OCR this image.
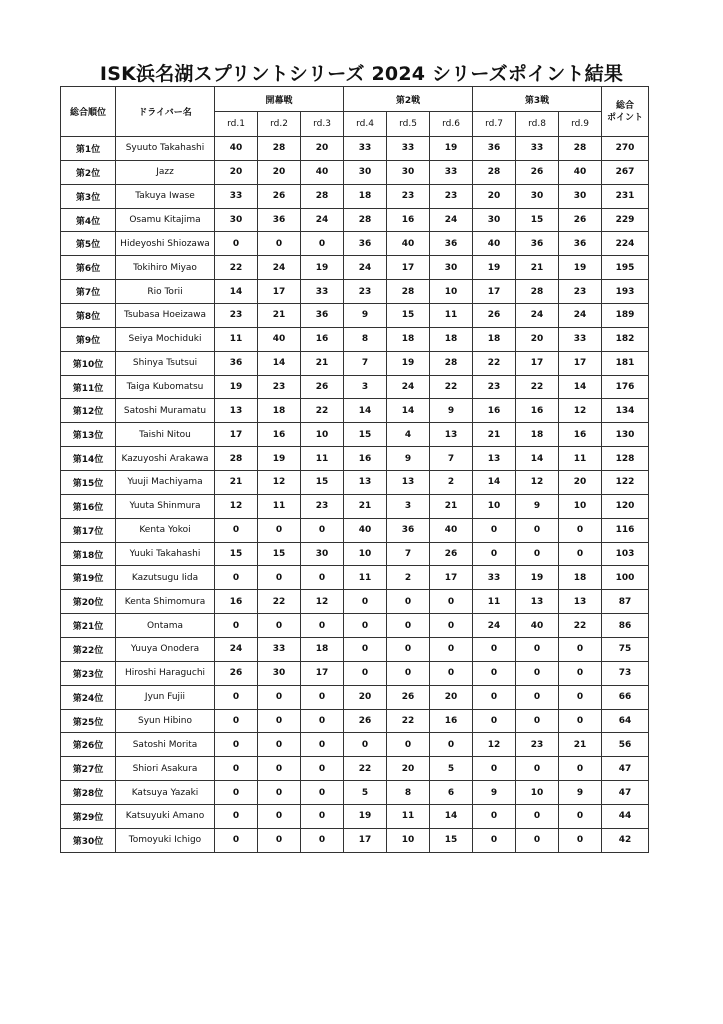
ISK浜名湖スプリントシリーズ 2024 シリーズポイント結果
総合順位	ドライバー名	開幕戦			第2戦			第3戦			総合
ポイント
		rd.1	rd.2	rd.3	rd.4	rd.5	rd.6	rd.7	rd.8	rd.9	
第1位	Syuuto Takahashi	40	28	20	33	33	19	36	33	28	270
第2位	Jazz	20	20	40	30	30	33	28	26	40	267
第3位	Takuya Iwase	33	26	28	18	23	23	20	30	30	231
第4位	Osamu Kitajima	30	36	24	28	16	24	30	15	26	229
第5位	Hideyoshi Shiozawa	0	0	0	36	40	36	40	36	36	224
第6位	Tokihiro Miyao	22	24	19	24	17	30	19	21	19	195
第7位	Rio Torii	14	17	33	23	28	10	17	28	23	193
第8位	Tsubasa Hoeizawa	23	21	36	9	15	11	26	24	24	189
第9位	Seiya Mochiduki	11	40	16	8	18	18	18	20	33	182
第10位	Shinya Tsutsui	36	14	21	7	19	28	22	17	17	181
第11位	Taiga Kubomatsu	19	23	26	3	24	22	23	22	14	176
第12位	Satoshi Muramatu	13	18	22	14	14	9	16	16	12	134
第13位	Taishi Nitou	17	16	10	15	4	13	21	18	16	130
第14位	Kazuyoshi Arakawa	28	19	11	16	9	7	13	14	11	128
第15位	Yuuji Machiyama	21	12	15	13	13	2	14	12	20	122
第16位	Yuuta Shinmura	12	11	23	21	3	21	10	9	10	120
第17位	Kenta Yokoi	0	0	0	40	36	40	0	0	0	116
第18位	Yuuki Takahashi	15	15	30	10	7	26	0	0	0	103
第19位	Kazutsugu Iida	0	0	0	11	2	17	33	19	18	100
第20位	Kenta Shimomura	16	22	12	0	0	0	11	13	13	87
第21位	Ontama	0	0	0	0	0	0	24	40	22	86
第22位	Yuuya Onodera	24	33	18	0	0	0	0	0	0	75
第23位	Hiroshi Haraguchi	26	30	17	0	0	0	0	0	0	73
第24位	Jyun Fujii	0	0	0	20	26	20	0	0	0	66
第25位	Syun Hibino	0	0	0	26	22	16	0	0	0	64
第26位	Satoshi Morita	0	0	0	0	0	0	12	23	21	56
第27位	Shiori Asakura	0	0	0	22	20	5	0	0	0	47
第28位	Katsuya Yazaki	0	0	0	5	8	6	9	10	9	47
第29位	Katsuyuki Amano	0	0	0	19	11	14	0	0	0	44
第30位	Tomoyuki Ichigo	0	0	0	17	10	15	0	0	0	42
